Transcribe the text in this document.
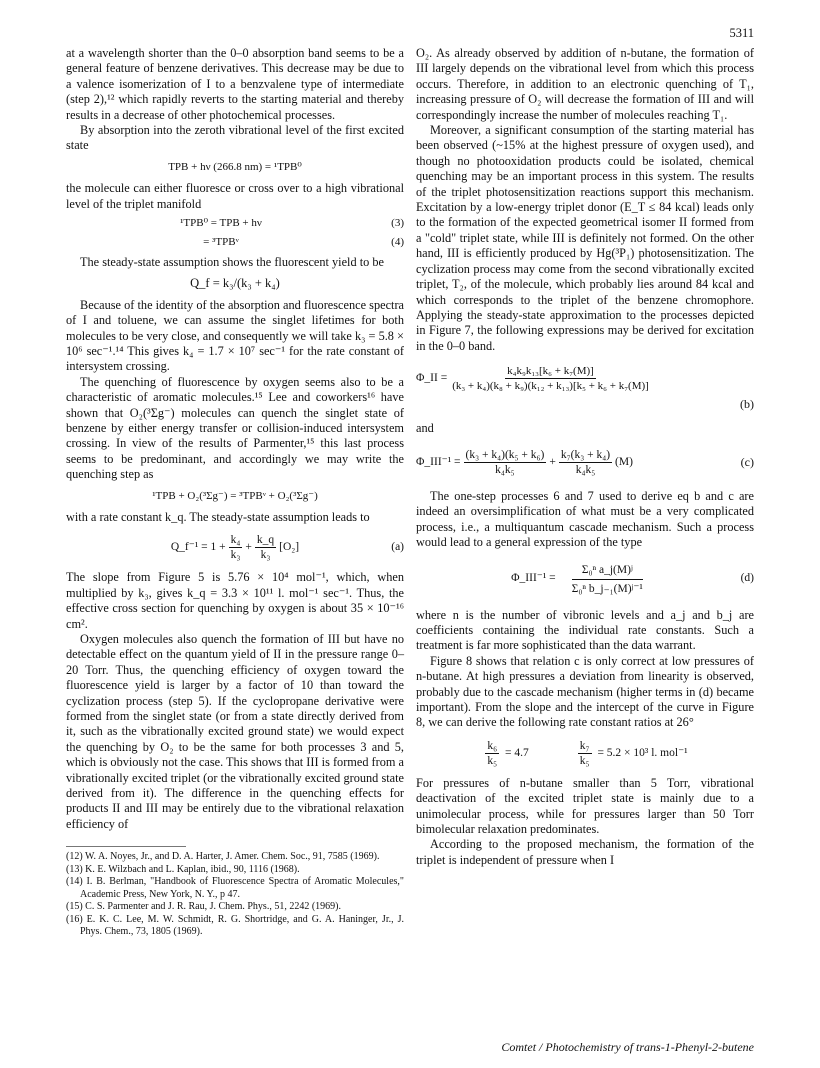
5311

at a wavelength shorter than the 0–0 absorption band seems to be a general feature of benzene derivatives. This decrease may be due to a valence isomerization of I to a benzvalene type of intermediate (step 2),¹² which rapidly reverts to the starting material and thereby results in a decrease of other photochemical processes.

By absorption into the zeroth vibrational level of the first excited state

TPB + hν (266.8 nm) = ¹TPB⁰

the molecule can either fluoresce or cross over to a high vibrational level of the triplet manifold

¹TPB⁰ = TPB + hν	(3)
= ³TPBᵛ	(4)

The steady-state assumption shows the fluorescent yield to be

Q_f = k₃/(k₃ + k₄)

Because of the identity of the absorption and fluorescence spectra of I and toluene, we can assume the singlet lifetimes for both molecules to be very close, and consequently we will take k₃ = 5.8 × 10⁶ sec⁻¹.¹⁴ This gives k₄ = 1.7 × 10⁷ sec⁻¹ for the rate constant of intersystem crossing.

The quenching of fluorescence by oxygen seems also to be a characteristic of aromatic molecules.¹⁵ Lee and coworkers¹⁶ have shown that O₂(³Σg⁻) molecules can quench the singlet state of benzene by either energy transfer or collision-induced intersystem crossing. In view of the results of Parmenter,¹⁵ this last process seems to be predominant, and accordingly we may write the quenching step as

¹TPB + O₂(³Σg⁻) = ³TPBᵛ + O₂(³Σg⁻)

with a rate constant k_q. The steady-state assumption leads to

Q_f⁻¹ = $1 + \frac{\text{k₄}}{\text{k₃}} + \frac{k\_q}{\text{k₃}} [O_2]$	(a)

The slope from Figure 5 is 5.76 × 10⁴ mol⁻¹, which, when multiplied by k₃, gives k_q = 3.3 × 10¹¹ l. mol⁻¹ sec⁻¹. Thus, the effective cross section for quenching by oxygen is about 35 × 10⁻¹⁶ cm².

Oxygen molecules also quench the formation of III but have no detectable effect on the quantum yield of II in the pressure range 0–20 Torr. Thus, the quenching efficiency of oxygen toward the fluorescence yield is larger by a factor of 10 than toward the cyclization process (step 5). If the cyclopropane derivative were formed from the singlet state (or from a state directly derived from it, such as the vibrationally excited ground state) we would expect the quenching by O₂ to be the same for both processes 3 and 5, which is obviously not the case. This shows that III is formed from a vibrationally excited triplet (or the vibrationally excited ground state derived from it). The difference in the quenching effects for products II and III may be entirely due to the vibrational relaxation efficiency of

(12) W. A. Noyes, Jr., and D. A. Harter, J. Amer. Chem. Soc., 91, 7585 (1969).

(13) K. E. Wilzbach and L. Kaplan, ibid., 90, 1116 (1968).

(14) I. B. Berlman, "Handbook of Fluorescence Spectra of Aromatic Molecules," Academic Press, New York, N. Y., p 47.

(15) C. S. Parmenter and J. R. Rau, J. Chem. Phys., 51, 2242 (1969).

(16) E. K. C. Lee, M. W. Schmidt, R. G. Shortridge, and G. A. Haninger, Jr., J. Phys. Chem., 73, 1805 (1969).

O₂. As already observed by addition of n-butane, the formation of III largely depends on the vibrational level from which this process occurs. Therefore, in addition to an electronic quenching of T₁, increasing pressure of O₂ will decrease the formation of III and will correspondingly increase the number of molecules reaching T₁.

Moreover, a significant consumption of the starting material has been observed (~15% at the highest pressure of oxygen used), and though no photooxidation products could be isolated, chemical quenching may be an important process in this system. The results of the triplet photosensitization reactions support this mechanism. Excitation by a low-energy triplet donor (E_T ≤ 84 kcal) leads only to the formation of the expected geometrical isomer II formed from a "cold" triplet state, while III is definitely not formed. On the other hand, III is efficiently produced by Hg(³P₁) photosensitization. The cyclization process may come from the second vibrationally excited triplet, T₂, of the molecule, which probably lies around 84 kcal and which corresponds to the triplet of the benzene chromophore. Applying the steady-state approximation to the processes depicted in Figure 7, the following expressions may be derived for excitation in the 0–0 band.

Φ_II = $\frac{\text{k₄k₉k₁₃[k₆ + k₇(M)]}}{\text{(k₃ + k₄)(k₈ + k₉)(k₁₂ + k₁₃)[k₅ + k₆ + k₇(M)]}}$
(b)

and

Φ_III⁻¹ = $\frac{\text{(k₃ + k₄)(k₅ + k₆)}}{\text{k₄k₅}} + \frac{\text{k₇(k₃ + k₄)}}{\text{k₄k₅}} (M)$	(c)

The one-step processes 6 and 7 used to derive eq b and c are indeed an oversimplification of what must be a very complicated process, i.e., a multiquantum cascade mechanism. Such a process would lead to a general expression of the type

Φ_III⁻¹ = $\frac{\text{Σ₀ⁿ a\_j(M)ʲ}}{\text{Σ₀ⁿ b\_j₋₁(M)ʲ⁻¹}}$	(d)

where n is the number of vibronic levels and a_j and b_j are coefficients containing the individual rate constants. Such a treatment is far more sophisticated than the data warrant.

Figure 8 shows that relation c is only correct at low pressures of n-butane. At high pressures a deviation from linearity is observed, probably due to the cascade mechanism (higher terms in (d) became important). From the slope and the intercept of the curve in Figure 8, we can derive the following rate constant ratios at 26°

$\frac{\text{k₆}}{\text{k₅}} = 4.7$	$\frac{\text{k₇}}{\text{k₅}} = 5.2 \times 10^3$ l. mol⁻¹

For pressures of n-butane smaller than 5 Torr, vibrational deactivation of the excited triplet state is mainly due to a unimolecular process, while for pressures larger than 50 Torr bimolecular relaxation predominates.

According to the proposed mechanism, the formation of the triplet is independent of pressure when I

Comtet / Photochemistry of trans-1-Phenyl-2-butene
